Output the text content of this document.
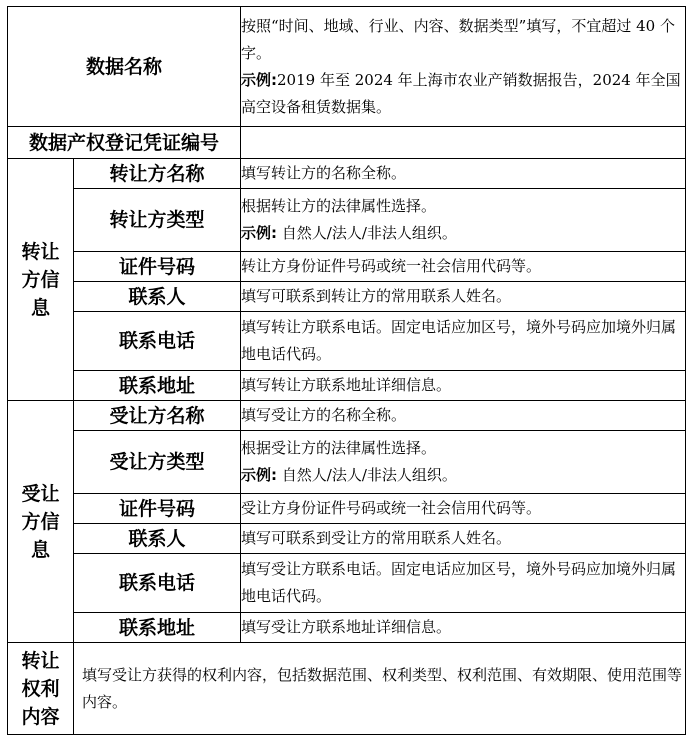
数据名称		按照“时间、地域、行业、内容、数据类型”填写，不宜超过 40 个字。

示例:2019 年至 2024 年上海市农业产销数据报告，2024 年全国高空设备租赁数据集。

数据产权登记凭证编号		

转让方信息	转让方名称	填写转让方的名称全称。
	转让方类型	根据转让方的法律属性选择。

示例: 自然人/法人/非法人组织。

	证件号码	转让方身份证件号码或统一社会信用代码等。
	联系人	填写可联系到转让方的常用联系人姓名。
	联系电话	填写转让方联系电话。固定电话应加区号，境外号码应加境外归属地电话代码。
	联系地址	填写转让方联系地址详细信息。

受让方信息	受让方名称	填写受让方的名称全称。
	受让方类型	根据受让方的法律属性选择。

示例: 自然人/法人/非法人组织。

	证件号码	受让方身份证件号码或统一社会信用代码等。
	联系人	填写可联系到受让方的常用联系人姓名。
	联系电话	填写受让方联系电话。固定电话应加区号，境外号码应加境外归属地电话代码。
	联系地址	填写受让方联系地址详细信息。

转让权利内容	填写受让方获得的权利内容，包括数据范围、权利类型、权利范围、有效期限、使用范围等内容。	
